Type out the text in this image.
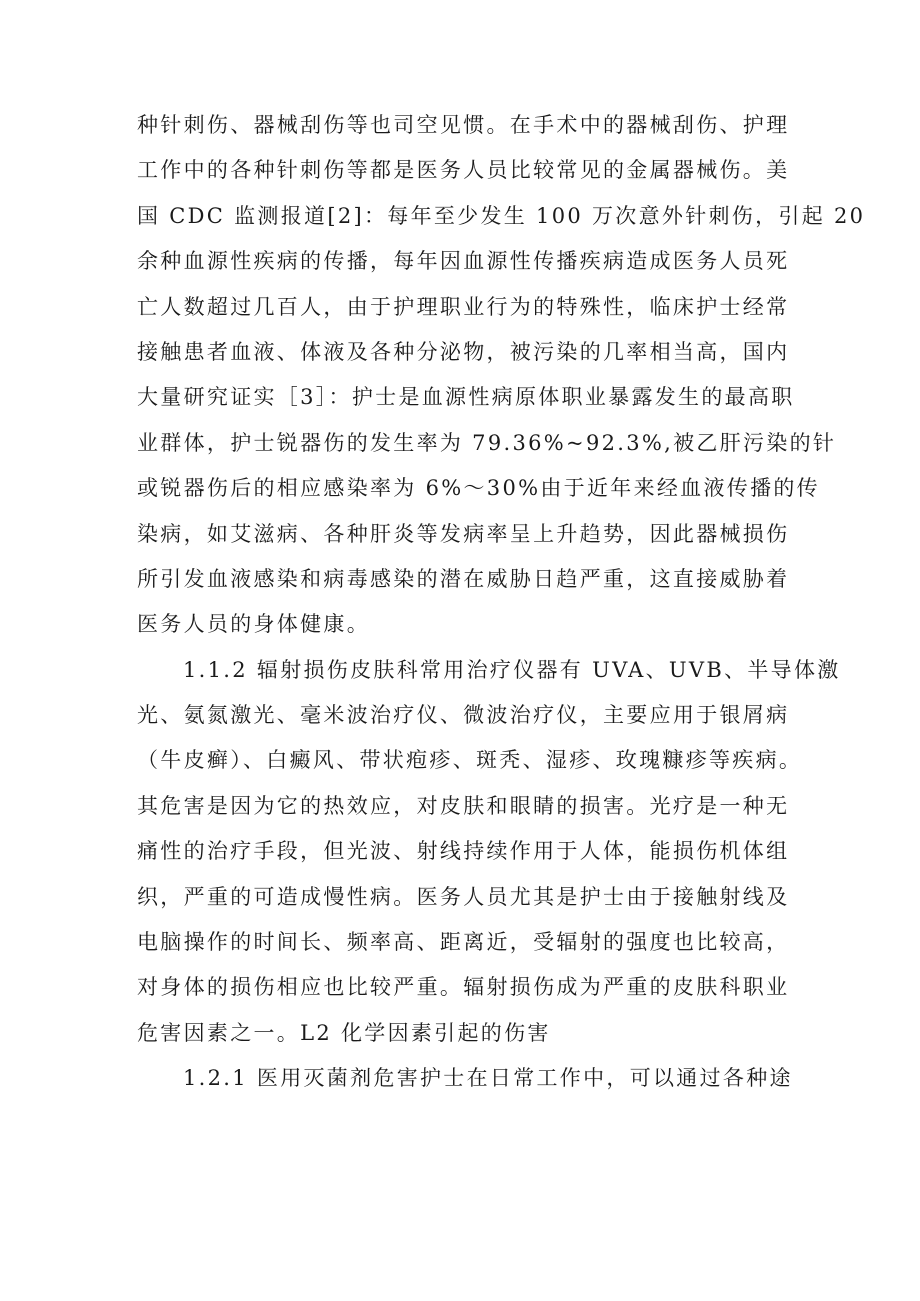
种针刺伤、器械刮伤等也司空见惯。在手术中的器械刮伤、护理
工作中的各种针刺伤等都是医务人员比较常见的金属器械伤。美
国 CDC 监测报道[2]：每年至少发生 100 万次意外针刺伤，引起 20
余种血源性疾病的传播，每年因血源性传播疾病造成医务人员死
亡人数超过几百人，由于护理职业行为的特殊性，临床护士经常
接触患者血液、体液及各种分泌物，被污染的几率相当高，国内
大量研究证实［3］：护士是血源性病原体职业暴露发生的最高职
业群体，护士锐器伤的发生率为 79.36%~92.3%,被乙肝污染的针
或锐器伤后的相应感染率为 6%～30%由于近年来经血液传播的传
染病，如艾滋病、各种肝炎等发病率呈上升趋势，因此器械损伤
所引发血液感染和病毒感染的潜在威胁日趋严重，这直接威胁着
医务人员的身体健康。
1.1.2 辐射损伤皮肤科常用治疗仪器有 UVA、UVB、半导体激
光、氨氮激光、毫米波治疗仪、微波治疗仪，主要应用于银屑病
（牛皮癣）、白癜风、带状疱疹、斑秃、湿疹、玫瑰糠疹等疾病。
其危害是因为它的热效应，对皮肤和眼睛的损害。光疗是一种无
痛性的治疗手段，但光波、射线持续作用于人体，能损伤机体组
织，严重的可造成慢性病。医务人员尤其是护士由于接触射线及
电脑操作的时间长、频率高、距离近，受辐射的强度也比较高，
对身体的损伤相应也比较严重。辐射损伤成为严重的皮肤科职业
危害因素之一。L2 化学因素引起的伤害
1.2.1 医用灭菌剂危害护士在日常工作中，可以通过各种途
